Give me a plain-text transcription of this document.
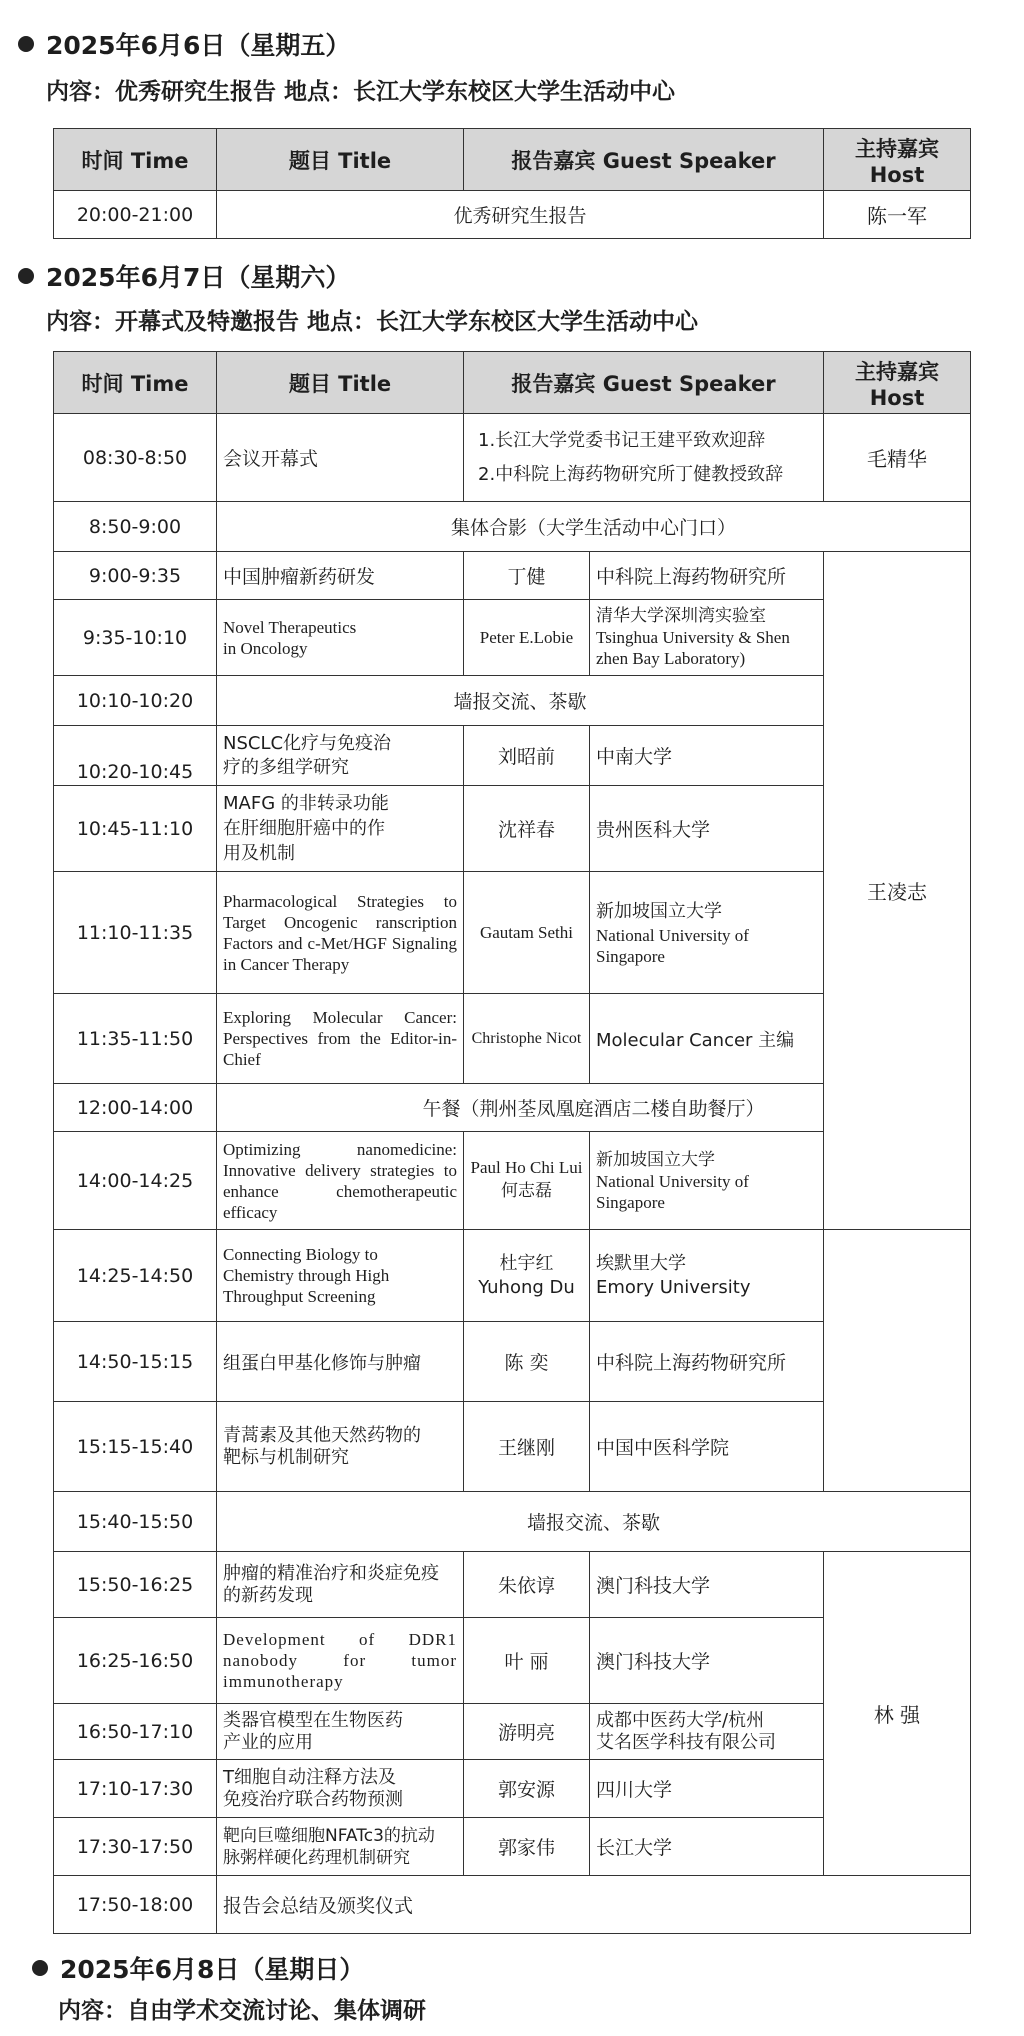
2025年6月6日（星期五）
内容：优秀研究生报告 地点：长江大学东校区大学生活动中心
时间 Time	题目 Title	报告嘉宾 Guest Speaker	主持嘉宾Host
20:00-21:00	优秀研究生报告		陈一军
2025年6月7日（星期六）
内容：开幕式及特邀报告 地点：长江大学东校区大学生活动中心
时间 Time	题目 Title	报告嘉宾 Guest Speaker		主持嘉宾Host	
08:30-8:50	会议开幕式	1.长江大学党委书记王建平致欢迎辞
2.中科院上海药物研究所丁健教授致辞		毛精华	
8:50-9:00	集体合影（大学生活动中心门口）				
9:00-9:35	中国肿瘤新药研发	丁健	中科院上海药物研究所	王凌志	
9:35-10:10	Novel Therapeutics
in Oncology	Peter E.Lobie	清华大学深圳湾实验室
Tsinghua University & Shen
zhen Bay Laboratory)		

10:10-10:20	墙报交流、茶歇				
10:20-10:45	NSCLC化疗与免疫治
疗的多组学研究	刘昭前	中南大学		
10:45-11:10	MAFG 的非转录功能
在肝细胞肝癌中的作
用及机制	沈祥春	贵州医科大学		
11:10-11:35	Pharmacological Strategies to Target Oncogenic ranscription Factors and c-Met/HGF Signaling in Cancer Therapy	Gautam Sethi	新加坡国立大学
National University of
Singapore		

11:35-11:50	Exploring Molecular Cancer: Perspectives from the Editor-in-Chief	Christophe Nicot	Molecular Cancer 主编		
12:00-14:00	午餐（荆州荃凤凰庭酒店二楼自助餐厅）				
14:00-14:25	Optimizing nanomedicine: Innovative delivery strategies to enhance chemotherapeutic efficacy	Paul Ho Chi Lui
何志磊	新加坡国立大学
National University of
Singapore

14:25-14:50	Connecting Biology to
Chemistry through High
Throughput Screening	杜宇红
Yuhong Du	埃默里大学
Emory University		

14:50-15:15	组蛋白甲基化修饰与肿瘤	陈 奕	中科院上海药物研究所		
15:15-15:40	青蒿素及其他天然药物的
靶标与机制研究	王继刚	中国中医科学院		
15:40-15:50	墙报交流、茶歇				
15:50-16:25	肿瘤的精准治疗和炎症免疫
的新药发现	朱依谆	澳门科技大学	林 强	
16:25-16:50	Development of DDR1 nanobody for tumor immunotherapy	叶 丽	澳门科技大学		
16:50-17:10	类器官模型在生物医药
产业的应用	游明亮	成都中医药大学/杭州
艾名医学科技有限公司		

17:10-17:30	T细胞自动注释方法及
免疫治疗联合药物预测	郭安源	四川大学		
17:30-17:50	靶向巨噬细胞NFATc3的抗动
脉粥样硬化药理机制研究	郭家伟	长江大学		
17:50-18:00	报告会总结及颁奖仪式				
2025年6月8日（星期日）
内容：自由学术交流讨论、集体调研
